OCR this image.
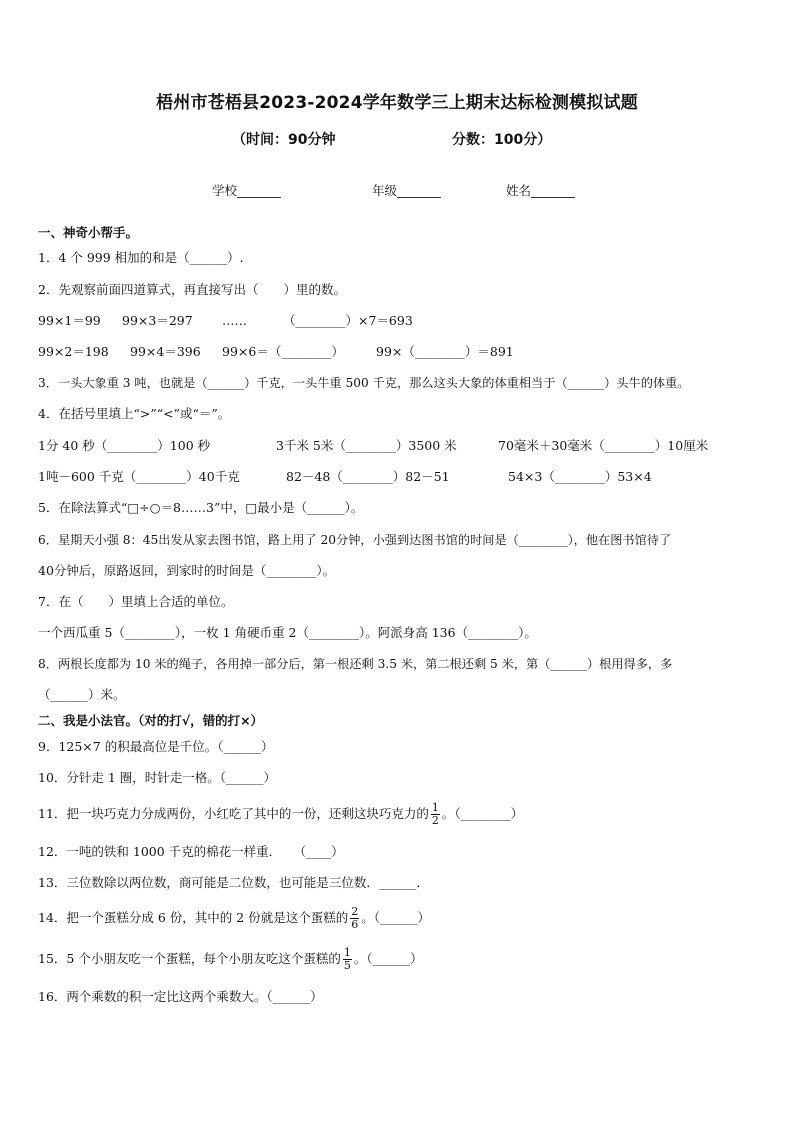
梧州市苍梧县2023-2024学年数学三上期末达标检测模拟试题
（时间：90分钟	分数：100分）
学校_______	年级_______	姓名_______
一、神奇小帮手。
1．4 个 999 相加的和是（______）.
2．先观察前面四道算式，再直接写出（　　）里的数。
99×1＝99 99×3＝297 ……	（________）×7＝693
99×2＝198 99×4＝396 99×6＝（________）	99×（________）＝891
3．一头大象重 3 吨，也就是（______）千克，一头牛重 500 千克，那么这头大象的体重相当于（______）头牛的体重。
4．在括号里填上“>”“<”或“＝”。
1分 40 秒（________）100 秒	3千米 5米（________）3500 米	70毫米＋30毫米（________）10厘米
1吨－600 千克（________）40千克	82－48（________）82－51	54×3（________）53×4
5．在除法算式“□÷○＝8……3”中，□最小是（______）。
6．星期天小强 8：45出发从家去图书馆，路上用了 20分钟，小强到达图书馆的时间是（________），他在图书馆待了
40分钟后，原路返回，到家时的时间是（________）。
7．在（　　）里填上合适的单位。
一个西瓜重 5（________），一枚 1 角硬币重 2（________）。阿派身高 136（________）。
8．两根长度都为 10 米的绳子，各用掉一部分后，第一根还剩 3.5 米，第二根还剩 5 米，第（______）根用得多，多
（______）米。
二、我是小法官。（对的打√，错的打×）
9．125×7 的积最高位是千位。（______）
10．分针走 1 圈，时针走一格。（______）
11．把一块巧克力分成两份，小红吃了其中的一份，还剩这块巧克力的 $\frac{1}{2}$ 。（________）
12．一吨的铁和 1000 千克的棉花一样重．　　（____）
13．三位数除以两位数，商可能是二位数，也可能是三位数．______．
14．把一个蛋糕分成 6 份，其中的 2 份就是这个蛋糕的 $\frac{2}{6}$ 。（______）
15．5 个小朋友吃一个蛋糕，每个小朋友吃这个蛋糕的 $\frac{1}{5}$ 。（______）
16．两个乘数的积一定比这两个乘数大。（______）
